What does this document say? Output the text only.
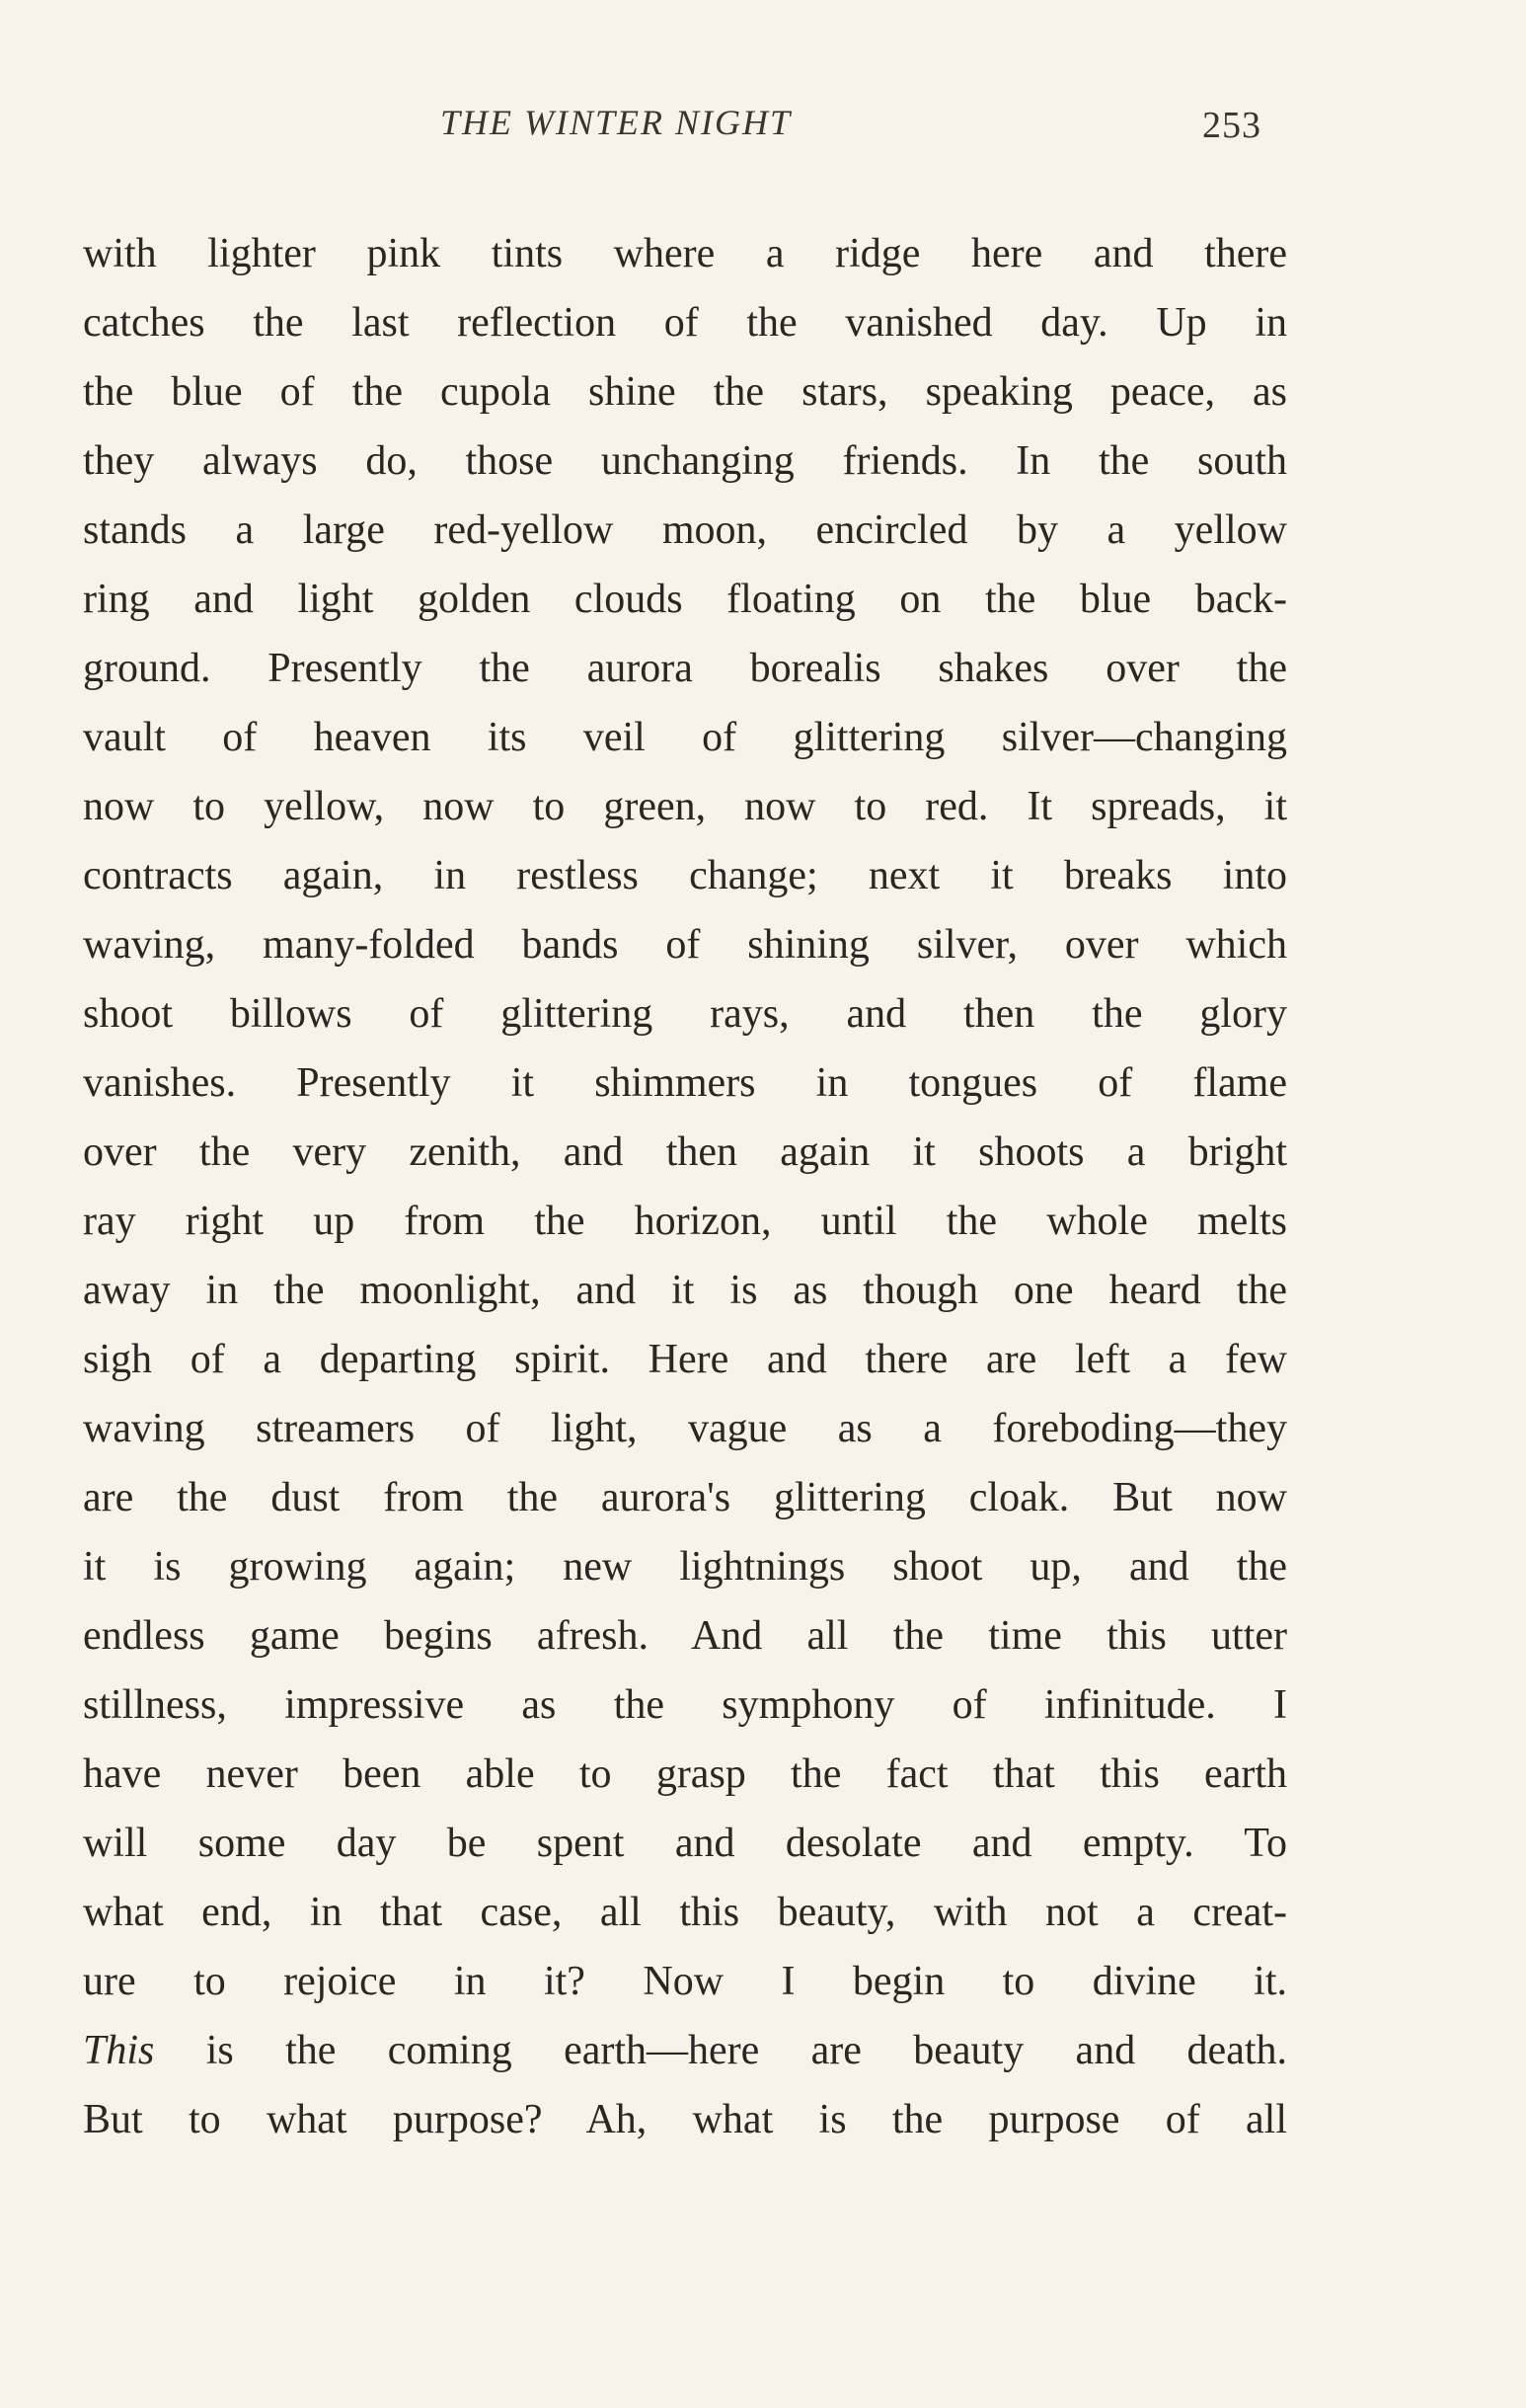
THE WINTER NIGHT	253
with lighter pink tints where a ridge here and there
catches the last reflection of the vanished day. Up in
the blue of the cupola shine the stars, speaking peace, as
they always do, those unchanging friends. In the south
stands a large red-yellow moon, encircled by a yellow
ring and light golden clouds floating on the blue back-
ground. Presently the aurora borealis shakes over the
vault of heaven its veil of glittering silver—changing
now to yellow, now to green, now to red. It spreads, it
contracts again, in restless change; next it breaks into
waving, many-folded bands of shining silver, over which
shoot billows of glittering rays, and then the glory
vanishes. Presently it shimmers in tongues of flame
over the very zenith, and then again it shoots a bright
ray right up from the horizon, until the whole melts
away in the moonlight, and it is as though one heard the
sigh of a departing spirit. Here and there are left a few
waving streamers of light, vague as a foreboding—they
are the dust from the aurora's glittering cloak. But now
it is growing again; new lightnings shoot up, and the
endless game begins afresh. And all the time this utter
stillness, impressive as the symphony of infinitude. I
have never been able to grasp the fact that this earth
will some day be spent and desolate and empty. To
what end, in that case, all this beauty, with not a creat-
ure to rejoice in it? Now I begin to divine it.
This is the coming earth—here are beauty and death.
But to what purpose? Ah, what is the purpose of all
